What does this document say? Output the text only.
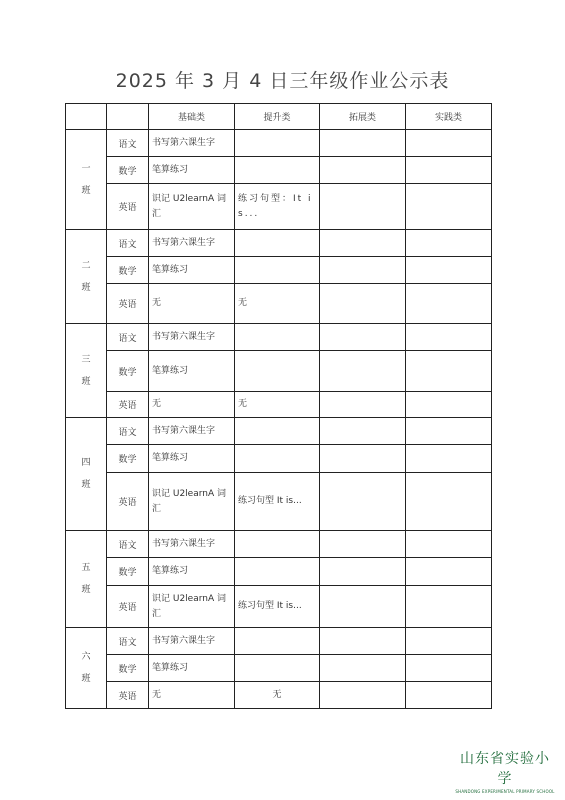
2025 年 3 月 4 日三年级作业公示表
		基础类	提升类	拓展类	实践类

一
班	语文	书写第六课生字			
	数学	笔算练习			
	英语	识记 U2learnA 词汇	练习句型：It is...		

二
班	语文	书写第六课生字			
	数学	笔算练习			
	英语	无	无		

三
班	语文	书写第六课生字			
	数学	笔算练习			
	英语	无	无		

四
班	语文	书写第六课生字			
	数学	笔算练习			
	英语	识记 U2learnA 词汇	练习句型 It is...		

五
班	语文	书写第六课生字			
	数学	笔算练习			
	英语	识记 U2learnA 词汇	练习句型 It is...		

六
班	语文	书写第六课生字			
	数学	笔算练习			
	英语	无	无		
山东省实验小学
SHANDONG EXPERIMENTAL PRIMARY SCHOOL
